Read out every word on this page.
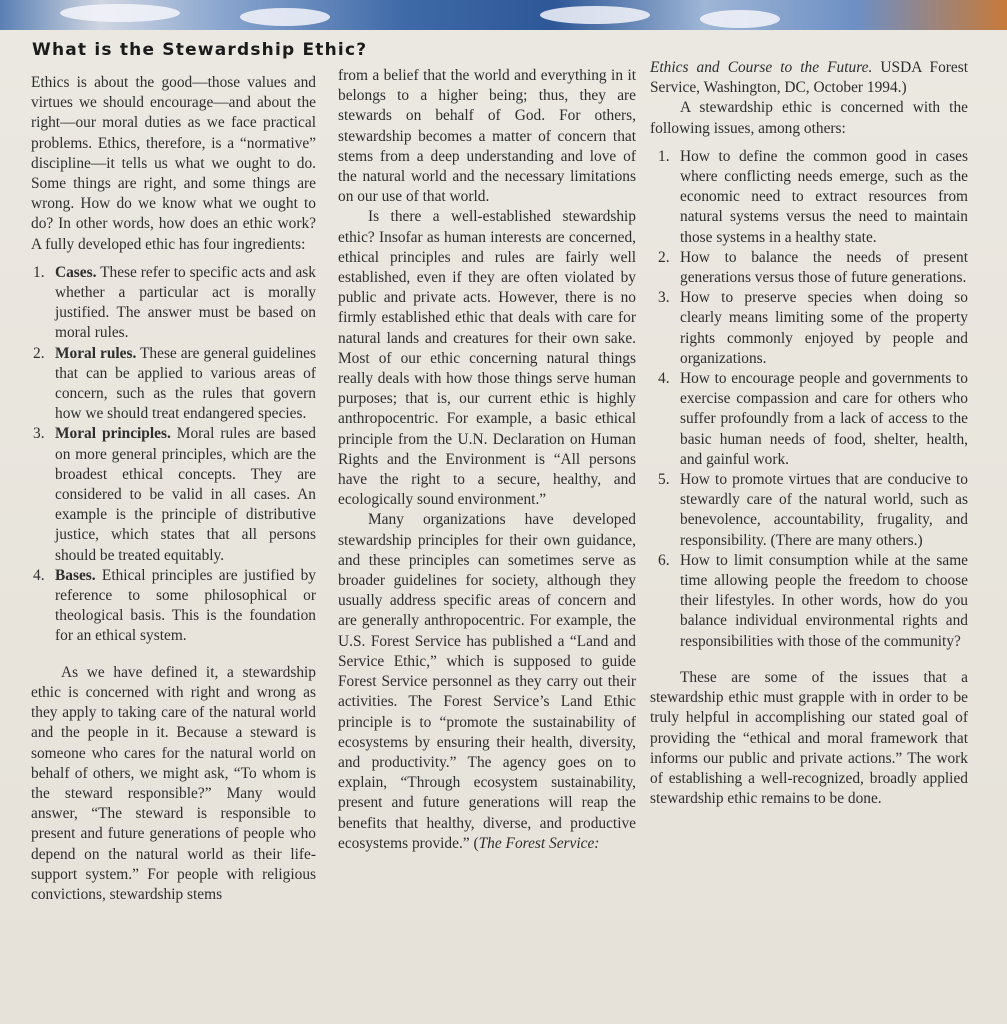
What is the Stewardship Ethic?

Ethics is about the good—those values and virtues we should encourage—and about the right—our moral duties as we face practical problems. Ethics, therefore, is a “normative” discipline—it tells us what we ought to do. Some things are right, and some things are wrong. How do we know what we ought to do? In other words, how does an ethic work? A fully developed ethic has four ingredients:

1. Cases. These refer to specific acts and ask whether a particular act is morally justified. The answer must be based on moral rules.
2. Moral rules. These are general guidelines that can be applied to various areas of concern, such as the rules that govern how we should treat endangered species.
3. Moral principles. Moral rules are based on more general principles, which are the broadest ethical concepts. They are considered to be valid in all cases. An example is the principle of distributive justice, which states that all persons should be treated equitably.
4. Bases. Ethical principles are justified by reference to some philosophical or theological basis. This is the foundation for an ethical system.

As we have defined it, a stewardship ethic is concerned with right and wrong as they apply to taking care of the natural world and the people in it. Because a steward is someone who cares for the natural world on behalf of others, we might ask, “To whom is the steward responsible?” Many would answer, “The steward is responsible to present and future generations of people who depend on the natural world as their life-support system.” For people with religious convictions, stewardship stems

from a belief that the world and everything in it belongs to a higher being; thus, they are stewards on behalf of God. For others, stewardship becomes a matter of concern that stems from a deep understanding and love of the natural world and the necessary limitations on our use of that world.

Is there a well-established stewardship ethic? Insofar as human interests are concerned, ethical principles and rules are fairly well established, even if they are often violated by public and private acts. However, there is no firmly established ethic that deals with care for natural lands and creatures for their own sake. Most of our ethic concerning natural things really deals with how those things serve human purposes; that is, our current ethic is highly anthropocentric. For example, a basic ethical principle from the U.N. Declaration on Human Rights and the Environment is “All persons have the right to a secure, healthy, and ecologically sound environment.”

Many organizations have developed stewardship principles for their own guidance, and these principles can sometimes serve as broader guidelines for society, although they usually address specific areas of concern and are generally anthropocentric. For example, the U.S. Forest Service has published a “Land and Service Ethic,” which is supposed to guide Forest Service personnel as they carry out their activities. The Forest Service’s Land Ethic principle is to “promote the sustainability of ecosystems by ensuring their health, diversity, and productivity.” The agency goes on to explain, “Through ecosystem sustainability, present and future generations will reap the benefits that healthy, diverse, and productive ecosystems provide.” (The Forest Service:

Ethics and Course to the Future. USDA Forest Service, Washington, DC, October 1994.)

A stewardship ethic is concerned with the following issues, among others:

1. How to define the common good in cases where conflicting needs emerge, such as the economic need to extract resources from natural systems versus the need to maintain those systems in a healthy state.
2. How to balance the needs of present generations versus those of future generations.
3. How to preserve species when doing so clearly means limiting some of the property rights commonly enjoyed by people and organizations.
4. How to encourage people and governments to exercise compassion and care for others who suffer profoundly from a lack of access to the basic human needs of food, shelter, health, and gainful work.
5. How to promote virtues that are conducive to stewardly care of the natural world, such as benevolence, accountability, frugality, and responsibility. (There are many others.)
6. How to limit consumption while at the same time allowing people the freedom to choose their lifestyles. In other words, how do you balance individual environmental rights and responsibilities with those of the community?

These are some of the issues that a stewardship ethic must grapple with in order to be truly helpful in accomplishing our stated goal of providing the “ethical and moral framework that informs our public and private actions.” The work of establishing a well-recognized, broadly applied stewardship ethic remains to be done.
